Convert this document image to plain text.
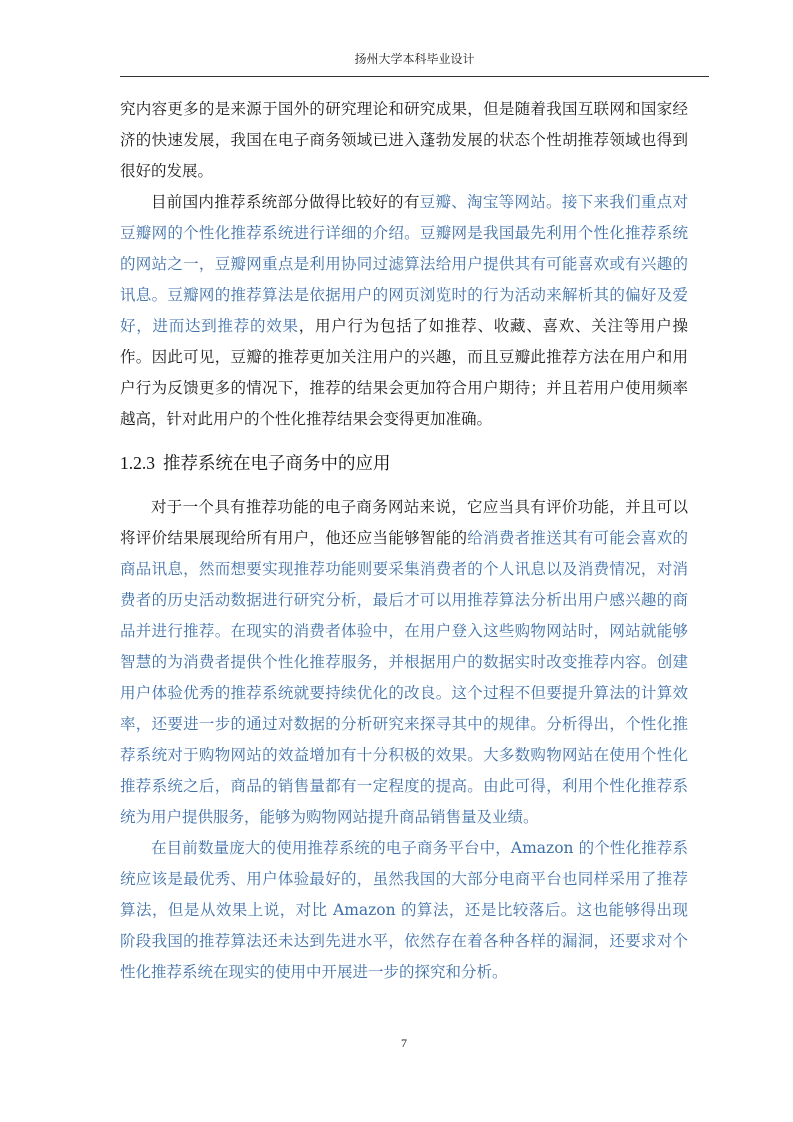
扬州大学本科毕业设计

究内容更多的是来源于国外的研究理论和研究成果，但是随着我国互联网和国家经济的快速发展，我国在电子商务领域已进入蓬勃发展的状态个性胡推荐领域也得到很好的发展。

目前国内推荐系统部分做得比较好的有豆瓣、淘宝等网站。接下来我们重点对豆瓣网的个性化推荐系统进行详细的介绍。豆瓣网是我国最先利用个性化推荐系统的网站之一，豆瓣网重点是利用协同过滤算法给用户提供其有可能喜欢或有兴趣的讯息。豆瓣网的推荐算法是依据用户的网页浏览时的行为活动来解析其的偏好及爱好，进而达到推荐的效果，用户行为包括了如推荐、收藏、喜欢、关注等用户操作。因此可见，豆瓣的推荐更加关注用户的兴趣，而且豆瓣此推荐方法在用户和用户行为反馈更多的情况下，推荐的结果会更加符合用户期待；并且若用户使用频率越高，针对此用户的个性化推荐结果会变得更加准确。

1.2.3 推荐系统在电子商务中的应用

对于一个具有推荐功能的电子商务网站来说，它应当具有评价功能，并且可以将评价结果展现给所有用户，他还应当能够智能的给消费者推送其有可能会喜欢的商品讯息，然而想要实现推荐功能则要采集消费者的个人讯息以及消费情况，对消费者的历史活动数据进行研究分析，最后才可以用推荐算法分析出用户感兴趣的商品并进行推荐。在现实的消费者体验中，在用户登入这些购物网站时，网站就能够智慧的为消费者提供个性化推荐服务，并根据用户的数据实时改变推荐内容。创建用户体验优秀的推荐系统就要持续优化的改良。这个过程不但要提升算法的计算效率，还要进一步的通过对数据的分析研究来探寻其中的规律。分析得出，个性化推荐系统对于购物网站的效益增加有十分积极的效果。大多数购物网站在使用个性化推荐系统之后，商品的销售量都有一定程度的提高。由此可得，利用个性化推荐系统为用户提供服务，能够为购物网站提升商品销售量及业绩。

在目前数量庞大的使用推荐系统的电子商务平台中，Amazon 的个性化推荐系统应该是最优秀、用户体验最好的，虽然我国的大部分电商平台也同样采用了推荐算法，但是从效果上说，对比 Amazon 的算法，还是比较落后。这也能够得出现阶段我国的推荐算法还未达到先进水平，依然存在着各种各样的漏洞，还要求对个性化推荐系统在现实的使用中开展进一步的探究和分析。

7
